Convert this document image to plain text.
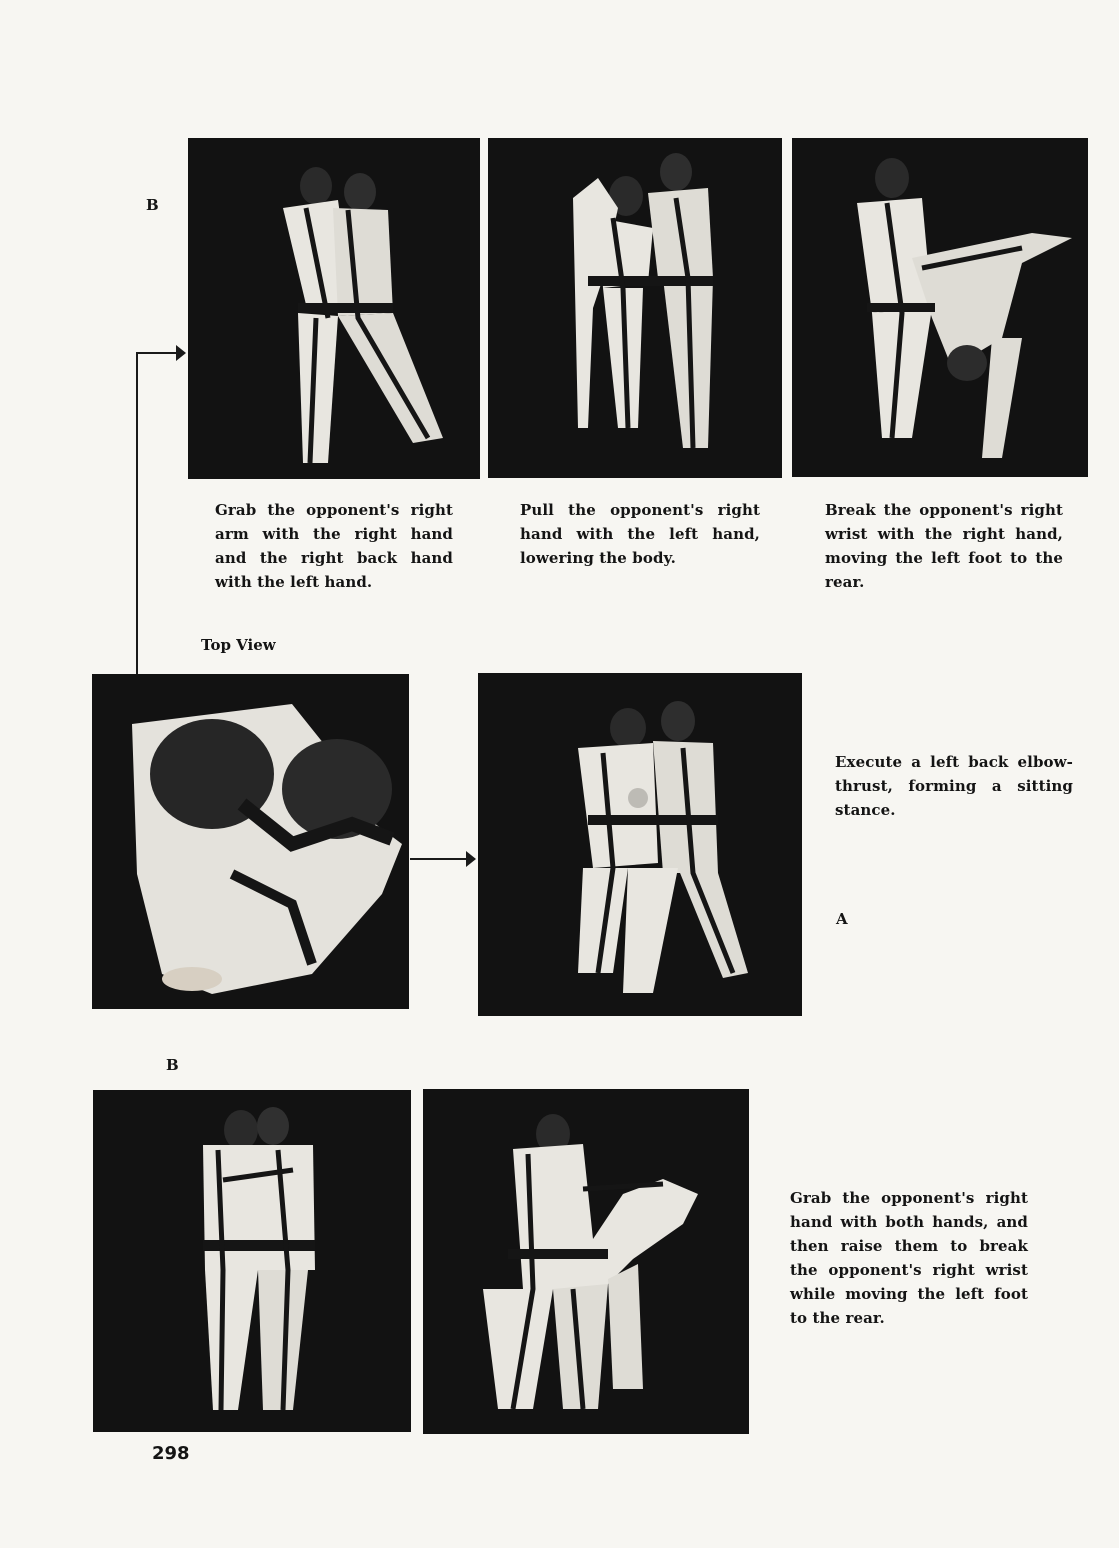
B
Grab the opponent's right arm with the right hand and the right back hand with the left hand.
Pull the opponent's right hand with the left hand, lowering the body.
Break the opponent's right wrist with the right hand, moving the left foot to the rear.
Top View
Execute a left back elbow-thrust, forming a sitting stance.
A
B
Grab the opponent's right hand with both hands, and then raise them to break the opponent's right wrist while moving the left foot to the rear.
298
